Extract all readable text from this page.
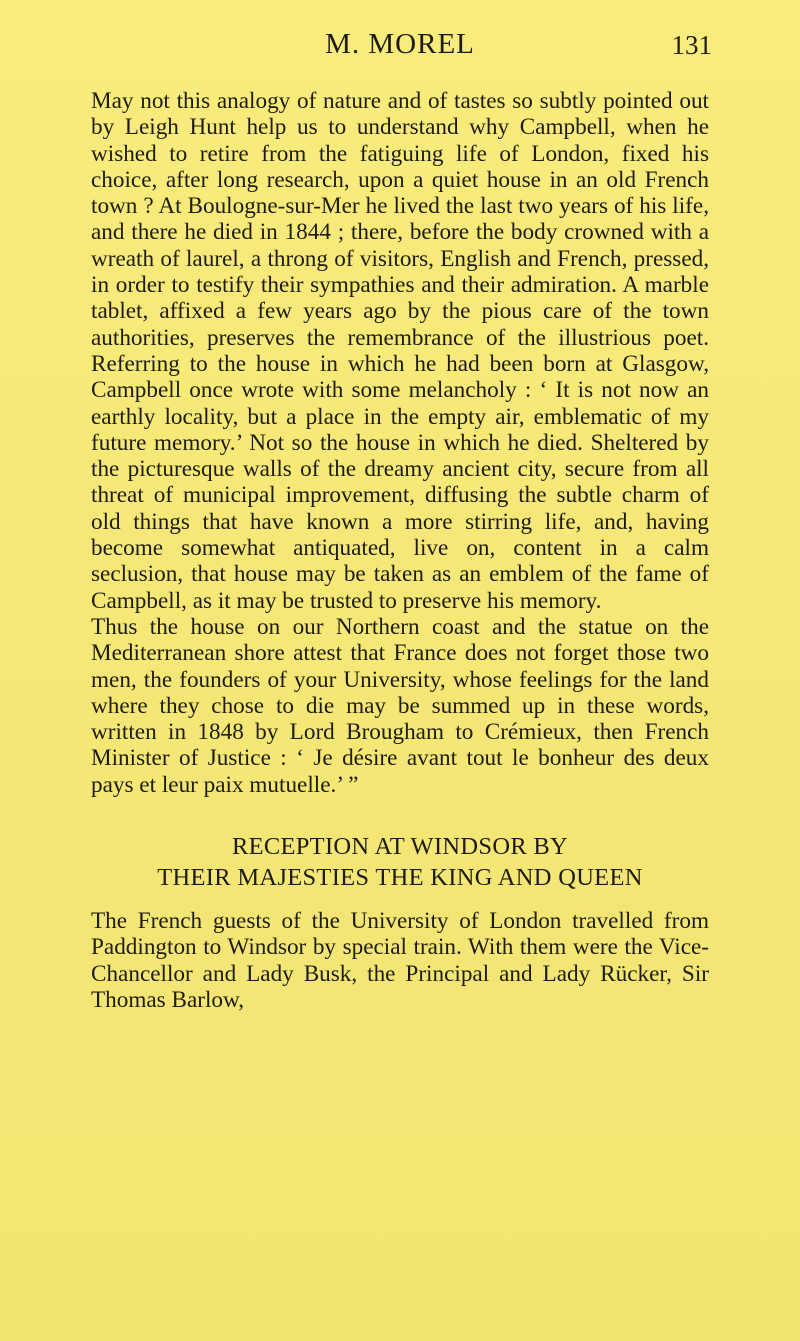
M. MOREL	131

May not this analogy of nature and of tastes so subtly pointed out by Leigh Hunt help us to understand why Campbell, when he wished to retire from the fatiguing life of London, fixed his choice, after long research, upon a quiet house in an old French town ? At Boulogne-sur-Mer he lived the last two years of his life, and there he died in 1844 ; there, before the body crowned with a wreath of laurel, a throng of visitors, English and French, pressed, in order to testify their sympathies and their admiration. A marble tablet, affixed a few years ago by the pious care of the town authorities, preserves the remembrance of the illustrious poet. Referring to the house in which he had been born at Glasgow, Campbell once wrote with some melancholy : ‘ It is not now an earthly locality, but a place in the empty air, emblematic of my future memory.’ Not so the house in which he died. Sheltered by the picturesque walls of the dreamy ancient city, secure from all threat of municipal improvement, diffusing the subtle charm of old things that have known a more stirring life, and, having become somewhat antiquated, live on, content in a calm seclusion, that house may be taken as an emblem of the fame of Campbell, as it may be trusted to preserve his memory.

Thus the house on our Northern coast and the statue on the Mediterranean shore attest that France does not forget those two men, the founders of your University, whose feelings for the land where they chose to die may be summed up in these words, written in 1848 by Lord Brougham to Crémieux, then French Minister of Justice : ‘ Je désire avant tout le bonheur des deux pays et leur paix mutuelle.’ ”

RECEPTION AT WINDSOR BY
THEIR MAJESTIES THE KING AND QUEEN

The French guests of the University of London travelled from Paddington to Windsor by special train. With them were the Vice-Chancellor and Lady Busk, the Principal and Lady Rücker, Sir Thomas Barlow,
